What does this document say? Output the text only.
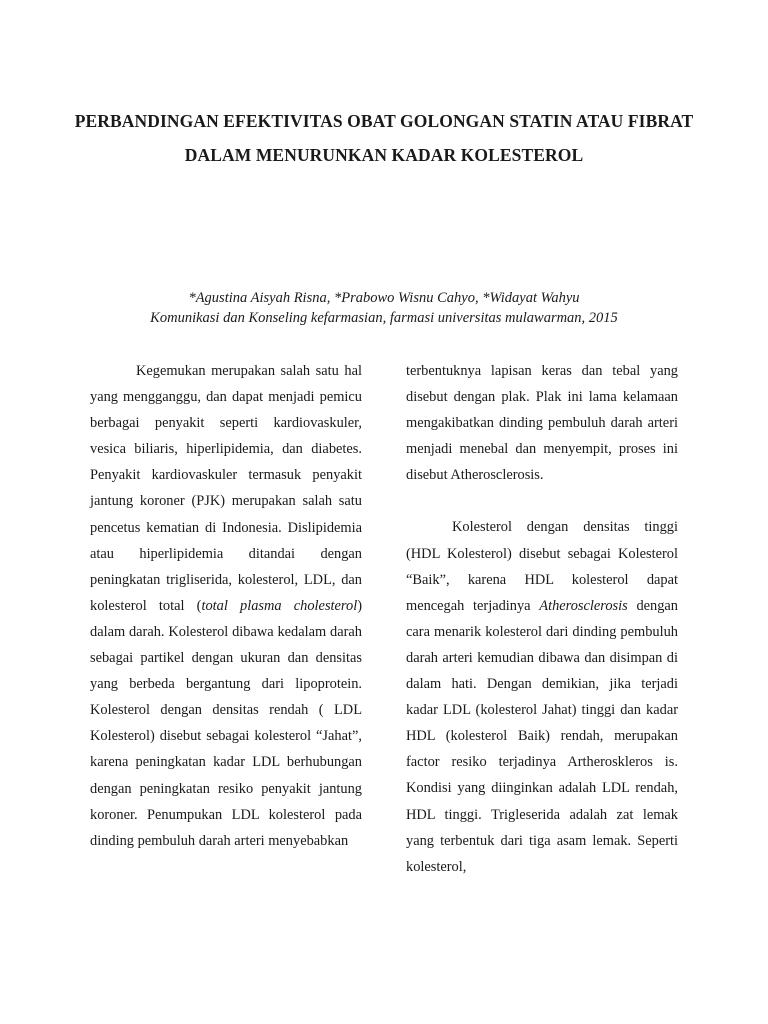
PERBANDINGAN EFEKTIVITAS OBAT GOLONGAN STATIN ATAU FIBRAT
DALAM MENURUNKAN KADAR KOLESTEROL
*Agustina Aisyah Risna, *Prabowo Wisnu Cahyo, *Widayat Wahyu
Komunikasi dan Konseling kefarmasian, farmasi universitas mulawarman, 2015

Kegemukan merupakan salah satu hal yang mengganggu, dan dapat menjadi pemicu berbagai penyakit seperti kardiovaskuler, vesica biliaris, hiperlipidemia, dan diabetes. Penyakit kardiovaskuler termasuk penyakit jantung koroner (PJK) merupakan salah satu pencetus kematian di Indonesia. Dislipidemia atau hiperlipidemia ditandai dengan peningkatan trigliserida, kolesterol, LDL, dan kolesterol total (total plasma cholesterol) dalam darah. Kolesterol dibawa kedalam darah sebagai partikel dengan ukuran dan densitas yang berbeda bergantung dari lipoprotein. Kolesterol dengan densitas rendah ( LDL Kolesterol) disebut sebagai kolesterol “Jahat”, karena peningkatan kadar LDL berhubungan dengan peningkatan resiko penyakit jantung koroner. Penumpukan LDL kolesterol pada dinding pembuluh darah arteri menyebabkan

terbentuknya lapisan keras dan tebal yang disebut dengan plak. Plak ini lama kelamaan mengakibatkan dinding pembuluh darah arteri menjadi menebal dan menyempit, proses ini disebut Atherosclerosis.

Kolesterol dengan densitas tinggi (HDL Kolesterol) disebut sebagai Kolesterol “Baik”, karena HDL kolesterol dapat mencegah terjadinya Atherosclerosis dengan cara menarik kolesterol dari dinding pembuluh darah arteri kemudian dibawa dan disimpan di dalam hati. Dengan demikian, jika terjadi kadar LDL (kolesterol Jahat) tinggi dan kadar HDL (kolesterol Baik) rendah, merupakan factor resiko terjadinya Artheroskleros is. Kondisi yang diinginkan adalah LDL rendah, HDL tinggi. Trigleserida adalah zat lemak yang terbentuk dari tiga asam lemak. Seperti kolesterol,
